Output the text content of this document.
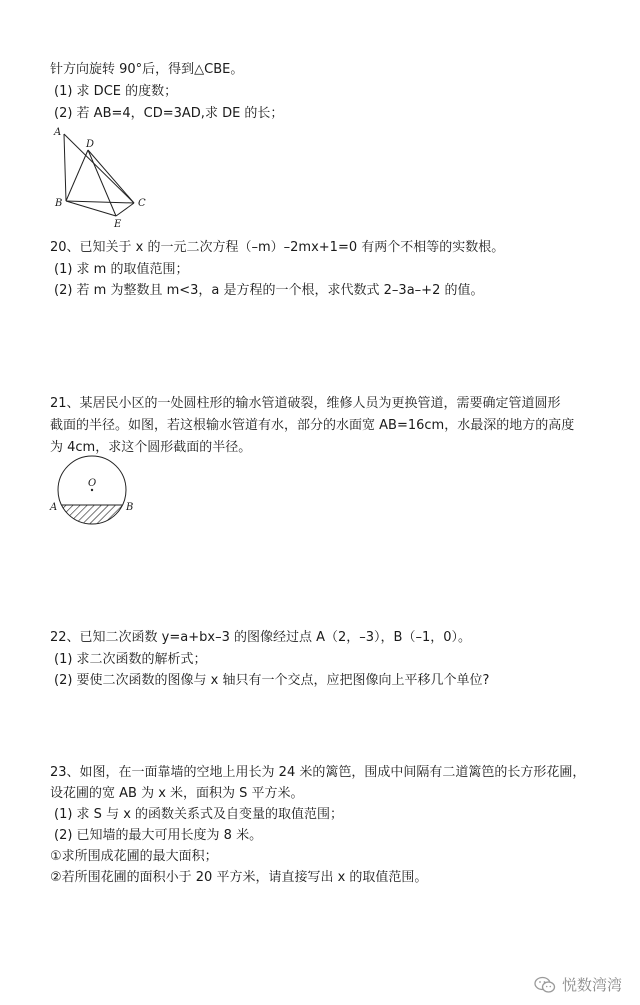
针方向旋转 90°后，得到△CBE。
(1) 求 DCE 的度数；
(2) 若 AB=4，CD=3AD,求 DE 的长；
A
D
B	C
E
20、已知关于 x 的一元二次方程（–m）–2mx+1=0 有两个不相等的实数根。
(1) 求 m 的取值范围；
(2) 若 m 为整数且 m<3，a 是方程的一个根，求代数式 2–3a–+2 的值。
21、某居民小区的一处圆柱形的输水管道破裂，维修人员为更换管道，需要确定管道圆形
截面的半径。如图，若这根输水管道有水，部分的水面宽 AB=16cm，水最深的地方的高度
为 4cm，求这个圆形截面的半径。
O
A	B
22、已知二次函数 y=a+bx–3 的图像经过点 A（2，–3），B（–1，0）。
(1) 求二次函数的解析式；
(2) 要使二次函数的图像与 x 轴只有一个交点，应把图像向上平移几个单位?
23、如图，在一面靠墙的空地上用长为 24 米的篱笆，围成中间隔有二道篱笆的长方形花圃，
设花圃的宽 AB 为 x 米，面积为 S 平方米。
(1) 求 S 与 x 的函数关系式及自变量的取值范围；
(2) 已知墙的最大可用长度为 8 米。
①求所围成花圃的最大面积；
②若所围花圃的面积小于 20 平方米，请直接写出 x 的取值范围。
悦数湾湾
